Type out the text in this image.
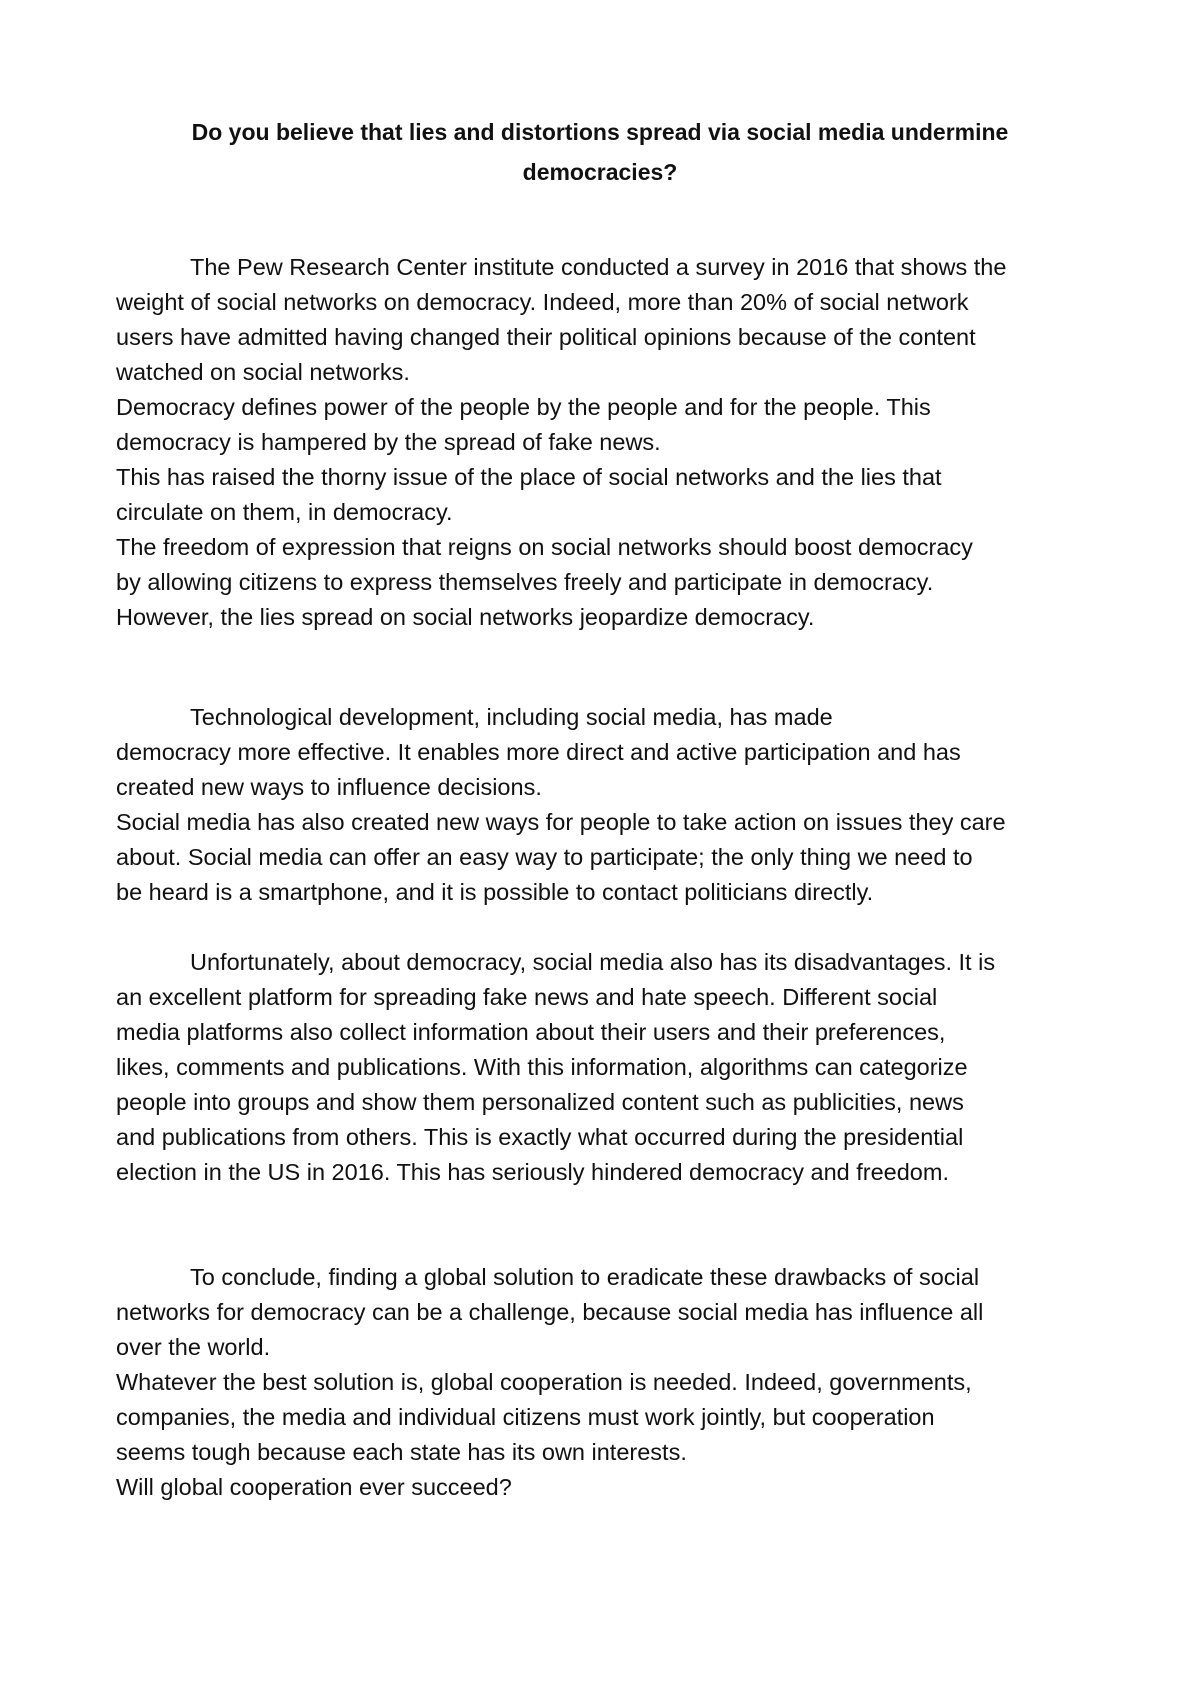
Do you believe that lies and distortions spread via social media undermine
democracies?
The Pew Research Center institute conducted a survey in 2016 that shows the
weight of social networks on democracy. Indeed, more than 20% of social network
users have admitted having changed their political opinions because of the content
watched on social networks.
Democracy defines power of the people by the people and for the people. This
democracy is hampered by the spread of fake news.
This has raised the thorny issue of the place of social networks and the lies that
circulate on them, in democracy.
The freedom of expression that reigns on social networks should boost democracy
by allowing citizens to express themselves freely and participate in democracy.
However, the lies spread on social networks jeopardize democracy.
Technological development, including social media, has made
democracy more effective. It enables more direct and active participation and has
created new ways to influence decisions.
Social media has also created new ways for people to take action on issues they care
about. Social media can offer an easy way to participate; the only thing we need to
be heard is a smartphone, and it is possible to contact politicians directly.
Unfortunately, about democracy, social media also has its disadvantages. It is
an excellent platform for spreading fake news and hate speech. Different social
media platforms also collect information about their users and their preferences,
likes, comments and publications. With this information, algorithms can categorize
people into groups and show them personalized content such as publicities, news
and publications from others. This is exactly what occurred during the presidential
election in the US in 2016. This has seriously hindered democracy and freedom.
To conclude, finding a global solution to eradicate these drawbacks of social
networks for democracy can be a challenge, because social media has influence all
over the world.
Whatever the best solution is, global cooperation is needed. Indeed, governments,
companies, the media and individual citizens must work jointly, but cooperation
seems tough because each state has its own interests.
Will global cooperation ever succeed?
